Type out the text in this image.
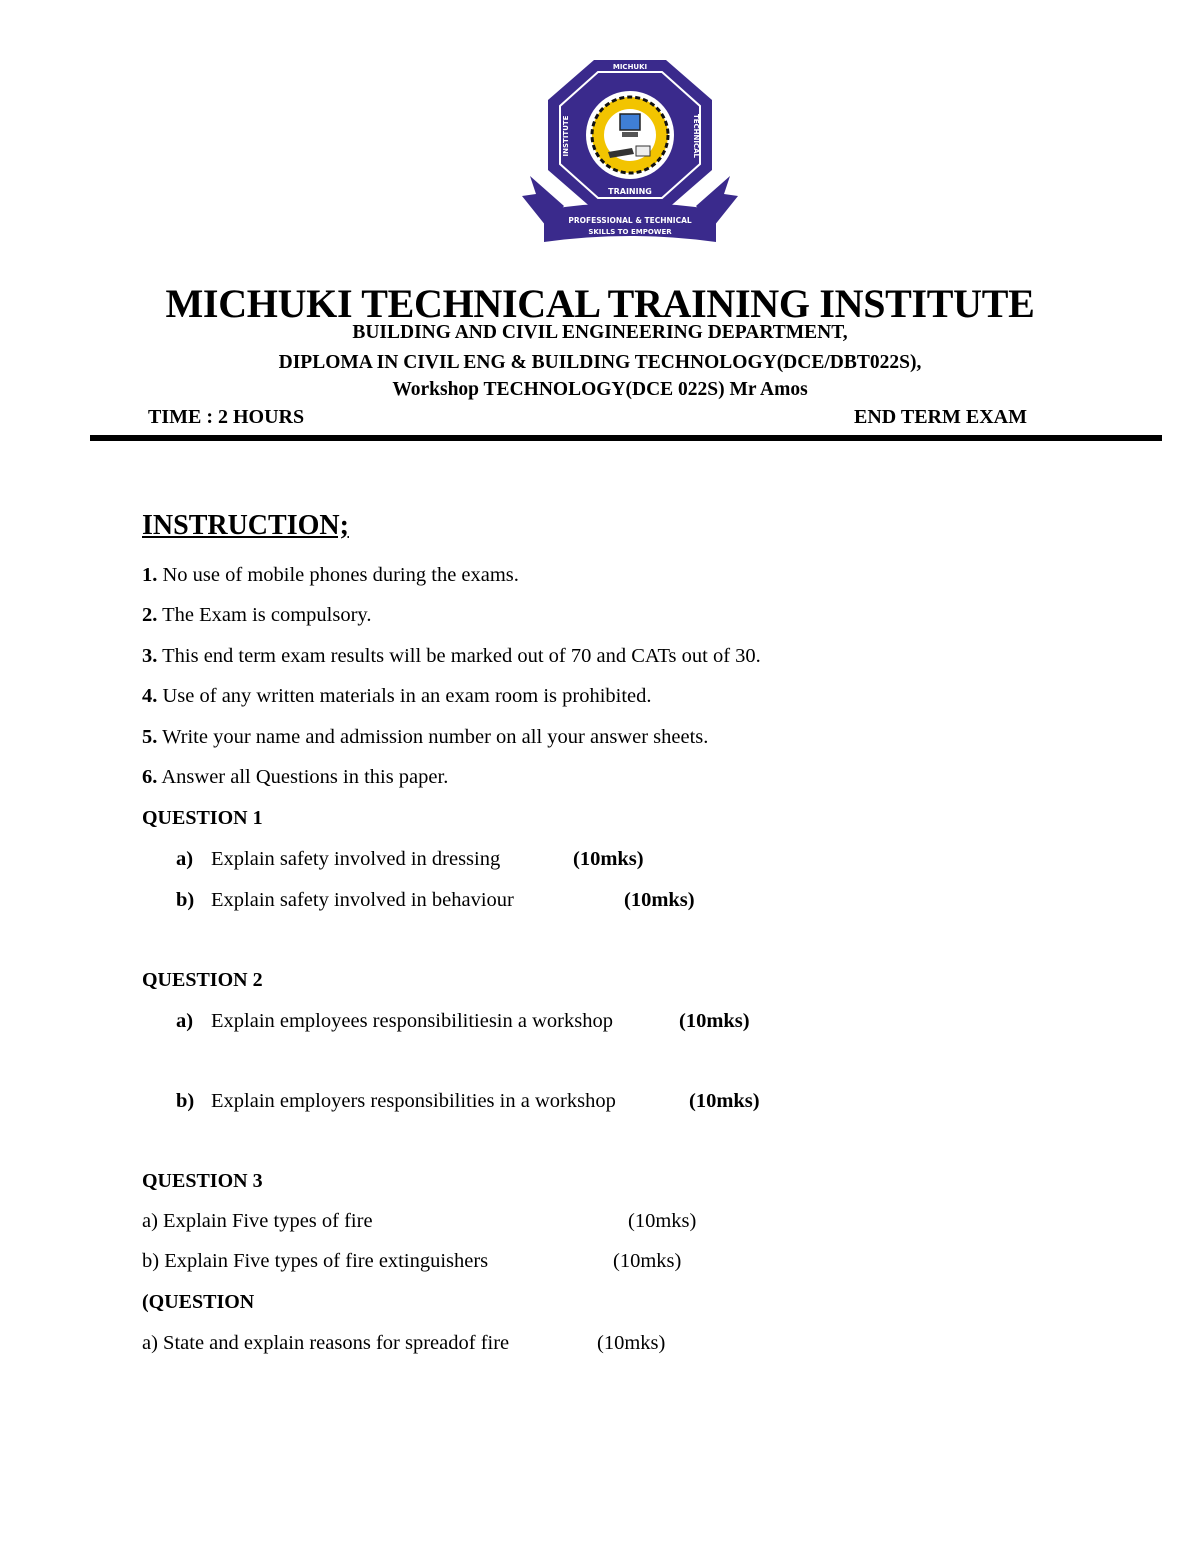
MICHUKI
TRAINING
INSTITUTE	TECHNICAL
PROFESSIONAL & TECHNICAL
SKILLS TO EMPOWER
MICHUKI TECHNICAL TRAINING INSTITUTE
BUILDING AND CIVIL ENGINEERING DEPARTMENT,
DIPLOMA IN CIVIL ENG & BUILDING TECHNOLOGY(DCE/DBT022S),
Workshop TECHNOLOGY(DCE 022S) Mr Amos
TIME : 2 HOURS	END TERM EXAM
INSTRUCTION;
1. No use of mobile phones during the exams.
2. The Exam is compulsory.
3. This end term exam results will be marked out of 70 and CATs out of 30.
4. Use of any written materials in an exam room is prohibited.
5. Write your name and admission number on all your answer sheets.
6. Answer all Questions in this paper.
QUESTION 1
a) Explain safety involved in dressing	(10mks)
b) Explain safety involved in behaviour	(10mks)
QUESTION 2
a) Explain employees responsibilitiesin a workshop	(10mks)
b) Explain employers responsibilities in a workshop	(10mks)
QUESTION 3
a) Explain Five types of fire	(10mks)
b) Explain Five types of fire extinguishers	(10mks)
(QUESTION
a) State and explain reasons for spreadof fire	(10mks)
